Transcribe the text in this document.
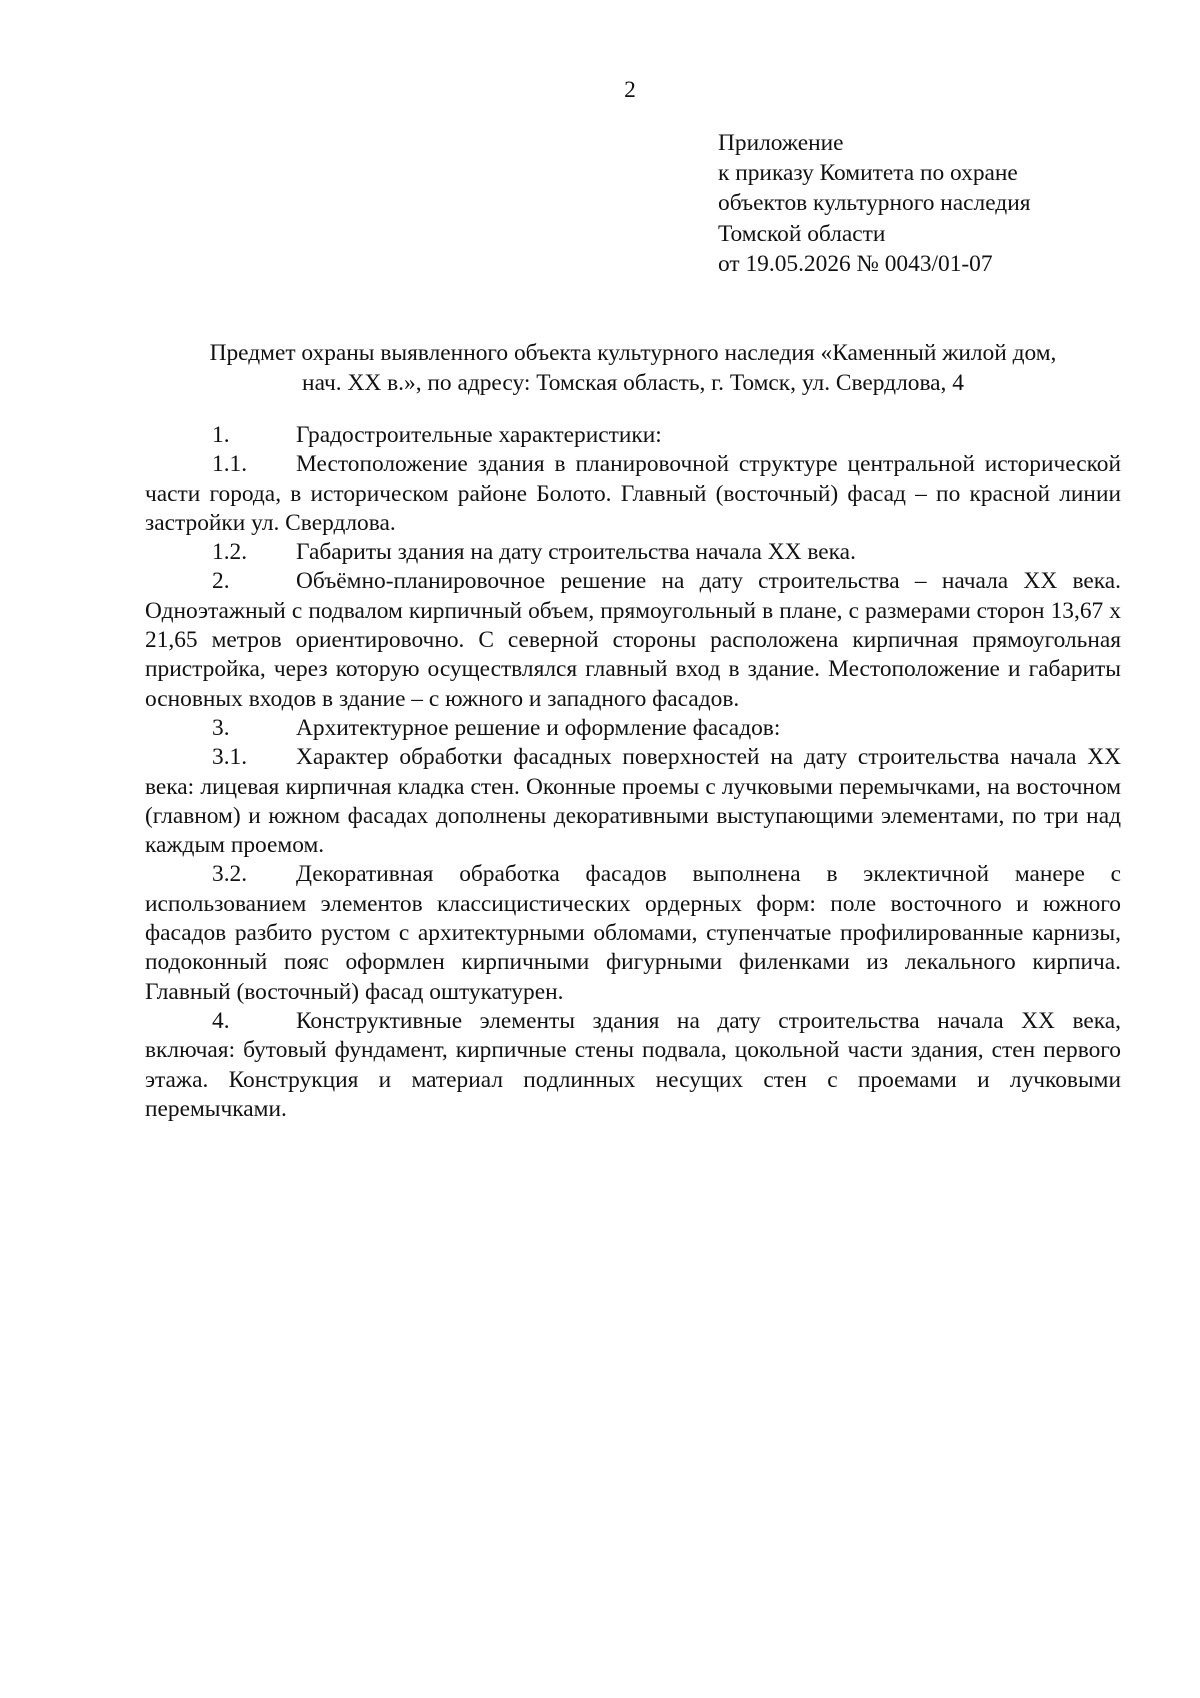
2
Приложение
к приказу Комитета по охране
объектов культурного наследия
Томской области
от 19.05.2026 № 0043/01-07
Предмет охраны выявленного объекта культурного наследия «Каменный жилой дом,
нач. XX в.», по адресу: Томская область, г. Томск, ул. Свердлова, 4

1.	Градостроительные характеристики:

1.1. Местоположение здания в планировочной структуре центральной исторической части города, в историческом районе Болото. Главный (восточный) фасад – по красной линии застройки ул. Свердлова.

1.2. Габариты здания на дату строительства начала XX века.

2.	Объёмно-планировочное решение на дату строительства – начала XX века. Одноэтажный с подвалом кирпичный объем, прямоугольный в плане, с размерами сторон 13,67 х 21,65 метров ориентировочно. С северной стороны расположена кирпичная прямоугольная пристройка, через которую осуществлялся главный вход в здание. Местоположение и габариты основных входов в здание – с южного и западного фасадов.

3.	Архитектурное решение и оформление фасадов:

3.1. Характер обработки фасадных поверхностей на дату строительства начала XX века: лицевая кирпичная кладка стен. Оконные проемы с лучковыми перемычками, на восточном (главном) и южном фасадах дополнены декоративными выступающими элементами, по три над каждым проемом.

3.2. Декоративная обработка фасадов выполнена в эклектичной манере с использованием элементов классицистических ордерных форм: поле восточного и южного фасадов разбито рустом с архитектурными обломами, ступенчатые профилированные карнизы, подоконный пояс оформлен кирпичными фигурными филенками из лекального кирпича. Главный (восточный) фасад оштукатурен.

4.	Конструктивные элементы здания на дату строительства начала XX века, включая: бутовый фундамент, кирпичные стены подвала, цокольной части здания, стен первого этажа. Конструкция и материал подлинных несущих стен с проемами и лучковыми перемычками.
